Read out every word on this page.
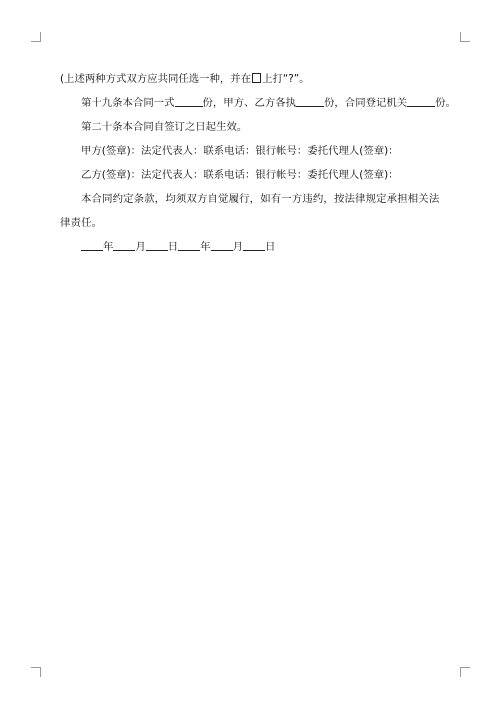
(上述两种方式双方应共同任选一种，并在 上打“?”。
第十九条本合同一式	份，甲方、乙方各执	份，合同登记机关	份。
第二十条本合同自签订之日起生效。
甲方(签章)：法定代表人：联系电话：银行帐号：委托代理人(签章)：
乙方(签章)：法定代表人：联系电话：银行帐号：委托代理人(签章)：
本合同约定条款，均须双方自觉履行，如有一方违约，按法律规定承担相关法律责任。
年 月 日 年 月 日
